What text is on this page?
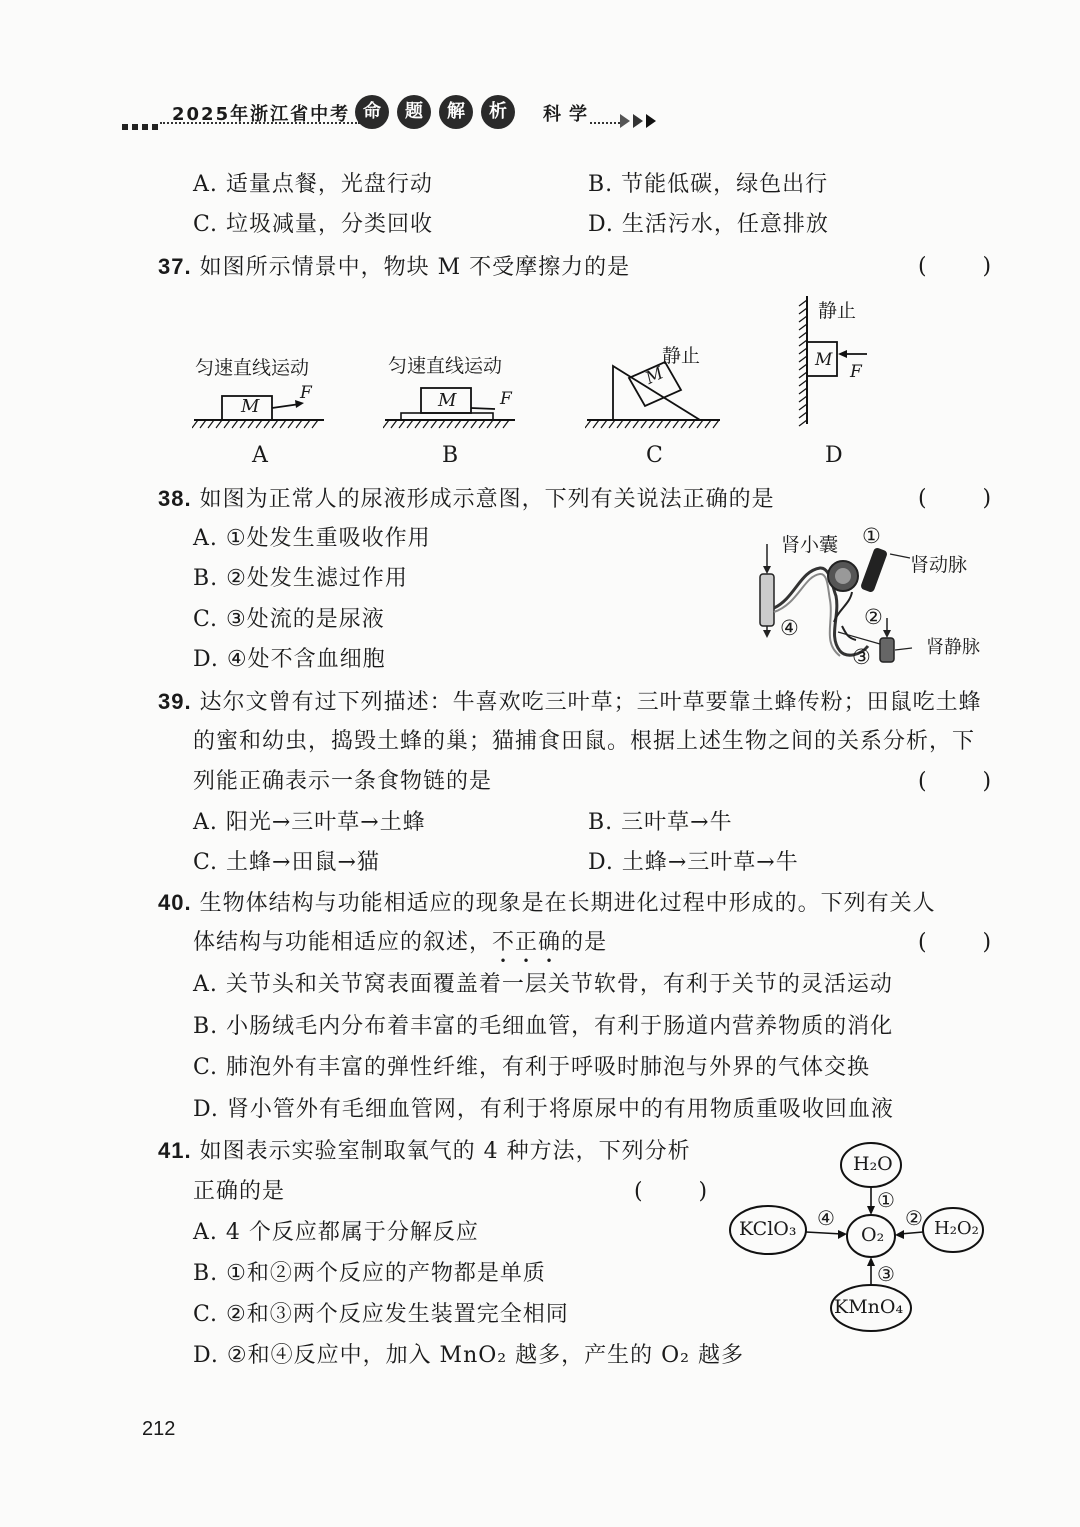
2025年浙江省中考 命	题	解	析	科学
A. 适量点餐，光盘行动	B. 节能低碳，绿色出行
C. 垃圾减量，分类回收	D. 生活污水，任意排放
37. 如图所示情景中，物块 M 不受摩擦力的是	(        )
匀速直线运动
M
F
A
匀速直线运动
M	F
B
静止
M
C
静止
M
F
D
38. 如图为正常人的尿液形成示意图，下列有关说法正确的是	(        )
A. ①处发生重吸收作用
B. ②处发生滤过作用
C. ③处流的是尿液
D. ④处不含血细胞
肾小囊
肾动脉
肾静脉
①
②
③
④
39. 达尔文曾有过下列描述：牛喜欢吃三叶草；三叶草要靠土蜂传粉；田鼠吃土蜂
的蜜和幼虫，捣毁土蜂的巢；猫捕食田鼠。根据上述生物之间的关系分析，下
列能正确表示一条食物链的是	(        )
A. 阳光→三叶草→土蜂	B. 三叶草→牛
C. 土蜂→田鼠→猫	D. 土蜂→三叶草→牛
40. 生物体结构与功能相适应的现象是在长期进化过程中形成的。下列有关人
体结构与功能相适应的叙述，不正确的是	(        )
A. 关节头和关节窝表面覆盖着一层关节软骨，有利于关节的灵活运动
B. 小肠绒毛内分布着丰富的毛细血管，有利于肠道内营养物质的消化
C. 肺泡外有丰富的弹性纤维，有利于呼吸时肺泡与外界的气体交换
D. 肾小管外有毛细血管网，有利于将原尿中的有用物质重吸收回血液
41. 如图表示实验室制取氧气的 4 种方法，下列分析
正确的是	(        )
A. 4 个反应都属于分解反应
B. ①和②两个反应的产物都是单质
C. ②和③两个反应发生装置完全相同
D. ②和④反应中，加入 MnO₂ 越多，产生的 O₂ 越多
H₂O
O₂
KClO₃	H₂O₂
KMnO₄
①
②
③
④
212
